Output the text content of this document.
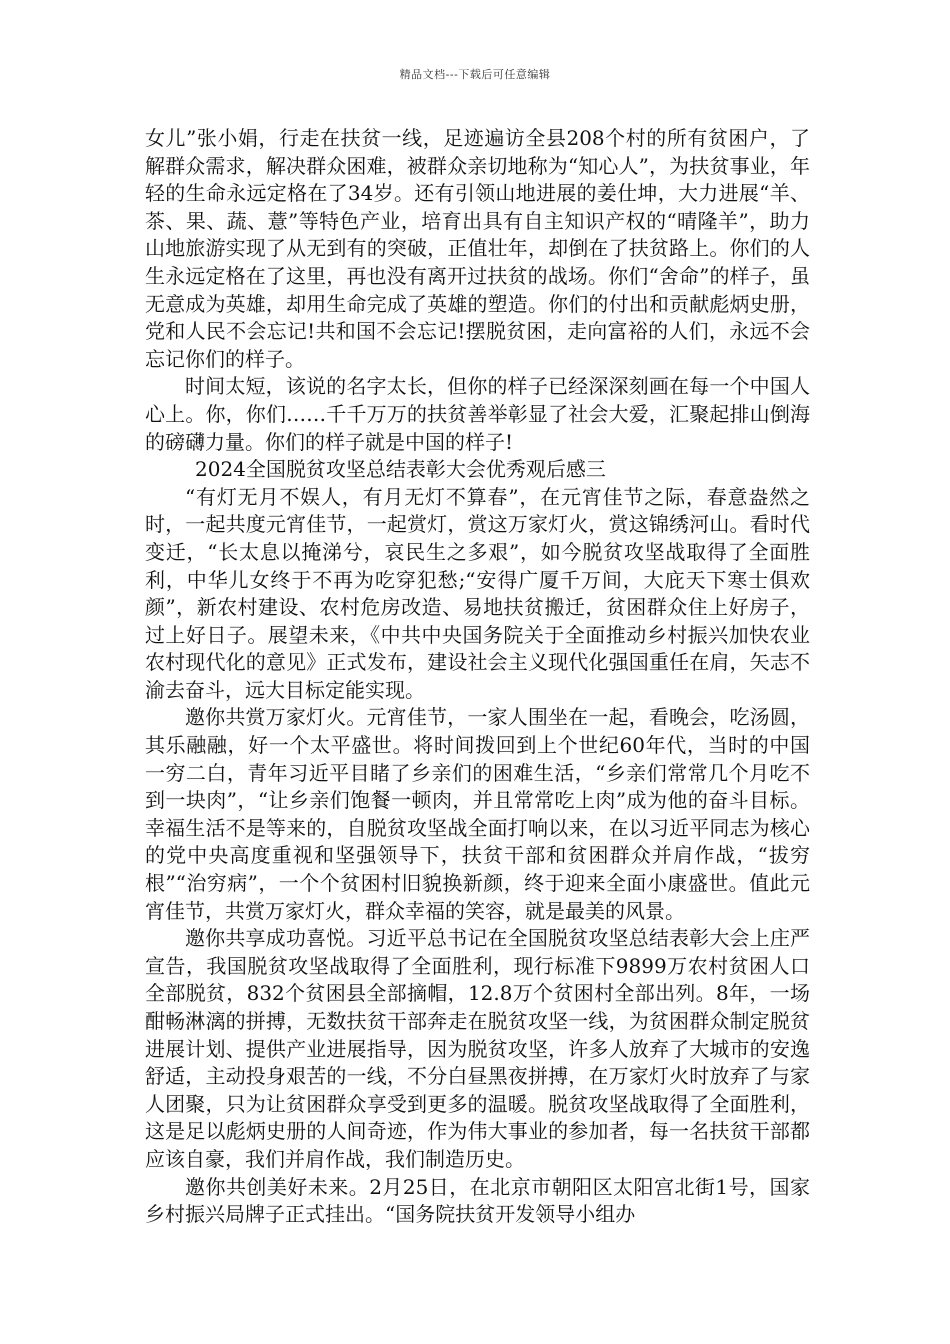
精品文档---下载后可任意编辑

女儿”张小娟，行走在扶贫一线，足迹遍访全县208个村的所有贫困户，了解群众需求，解决群众困难，被群众亲切地称为“知心人”，为扶贫事业，年轻的生命永远定格在了34岁。还有引领山地进展的姜仕坤，大力进展“羊、茶、果、蔬、薏”等特色产业，培育出具有自主知识产权的“晴隆羊”，助力山地旅游实现了从无到有的突破，正值壮年，却倒在了扶贫路上。你们的人生永远定格在了这里，再也没有离开过扶贫的战场。你们“舍命”的样子，虽无意成为英雄，却用生命完成了英雄的塑造。你们的付出和贡献彪炳史册，党和人民不会忘记!共和国不会忘记!摆脱贫困，走向富裕的人们，永远不会忘记你们的样子。

时间太短，该说的名字太长，但你的样子已经深深刻画在每一个中国人心上。你，你们……千千万万的扶贫善举彰显了社会大爱，汇聚起排山倒海的磅礴力量。你们的样子就是中国的样子!

2024全国脱贫攻坚总结表彰大会优秀观后感三

“有灯无月不娱人，有月无灯不算春”，在元宵佳节之际，春意盎然之时，一起共度元宵佳节，一起赏灯，赏这万家灯火，赏这锦绣河山。看时代变迁，“长太息以掩涕兮，哀民生之多艰”，如今脱贫攻坚战取得了全面胜利，中华儿女终于不再为吃穿犯愁;“安得广厦千万间，大庇天下寒士俱欢颜”，新农村建设、农村危房改造、易地扶贫搬迁，贫困群众住上好房子，过上好日子。展望未来，《中共中央国务院关于全面推动乡村振兴加快农业农村现代化的意见》正式发布，建设社会主义现代化强国重任在肩，矢志不渝去奋斗，远大目标定能实现。

邀你共赏万家灯火。元宵佳节，一家人围坐在一起，看晚会，吃汤圆，其乐融融，好一个太平盛世。将时间拨回到上个世纪60年代，当时的中国一穷二白，青年习近平目睹了乡亲们的困难生活，“乡亲们常常几个月吃不到一块肉”，“让乡亲们饱餐一顿肉，并且常常吃上肉”成为他的奋斗目标。幸福生活不是等来的，自脱贫攻坚战全面打响以来，在以习近平同志为核心的党中央高度重视和坚强领导下，扶贫干部和贫困群众并肩作战，“拔穷根”“治穷病”，一个个贫困村旧貌换新颜，终于迎来全面小康盛世。值此元宵佳节，共赏万家灯火，群众幸福的笑容，就是最美的风景。

邀你共享成功喜悦。习近平总书记在全国脱贫攻坚总结表彰大会上庄严宣告，我国脱贫攻坚战取得了全面胜利，现行标准下9899万农村贫困人口全部脱贫，832个贫困县全部摘帽，12.8万个贫困村全部出列。8年，一场酣畅淋漓的拼搏，无数扶贫干部奔走在脱贫攻坚一线，为贫困群众制定脱贫进展计划、提供产业进展指导，因为脱贫攻坚，许多人放弃了大城市的安逸舒适，主动投身艰苦的一线，不分白昼黑夜拼搏，在万家灯火时放弃了与家人团聚，只为让贫困群众享受到更多的温暖。脱贫攻坚战取得了全面胜利，这是足以彪炳史册的人间奇迹，作为伟大事业的参加者，每一名扶贫干部都应该自豪，我们并肩作战，我们制造历史。

邀你共创美好未来。2月25日，在北京市朝阳区太阳宫北街1号，国家乡村振兴局牌子正式挂出。“国务院扶贫开发领导小组办
